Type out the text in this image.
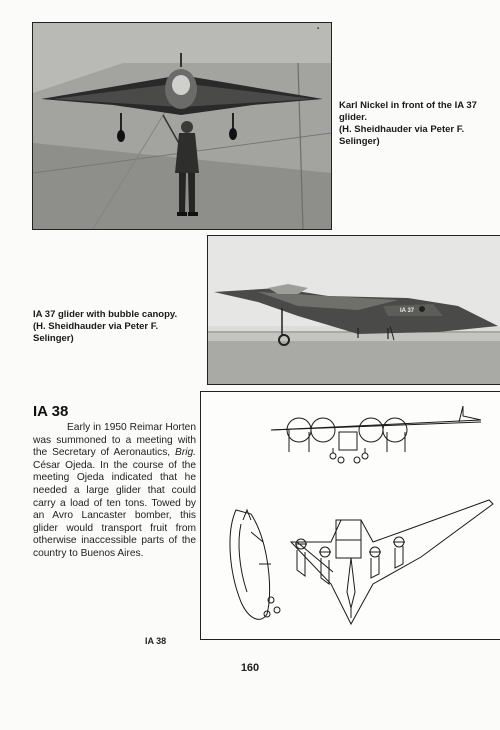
▪
Karl Nickel in front of the IA 37
glider.
(H. Sheidhauder via Peter F.
Selinger)
IA 37
IA 37 glider with bubble canopy.
(H. Sheidhauder via Peter F.
Selinger)
IA 38

Early in 1950 Reimar Horten was summoned to a meeting with the Secretary of Aeronautics, Brig. César Ojeda. In the course of the meeting Ojeda indicated that he needed a large glider that could carry a load of ten tons. Towed by an Avro Lancaster bomber, this glider would transport fruit from otherwise inaccessible parts of the country to Buenos Aires.

IA 38
160
